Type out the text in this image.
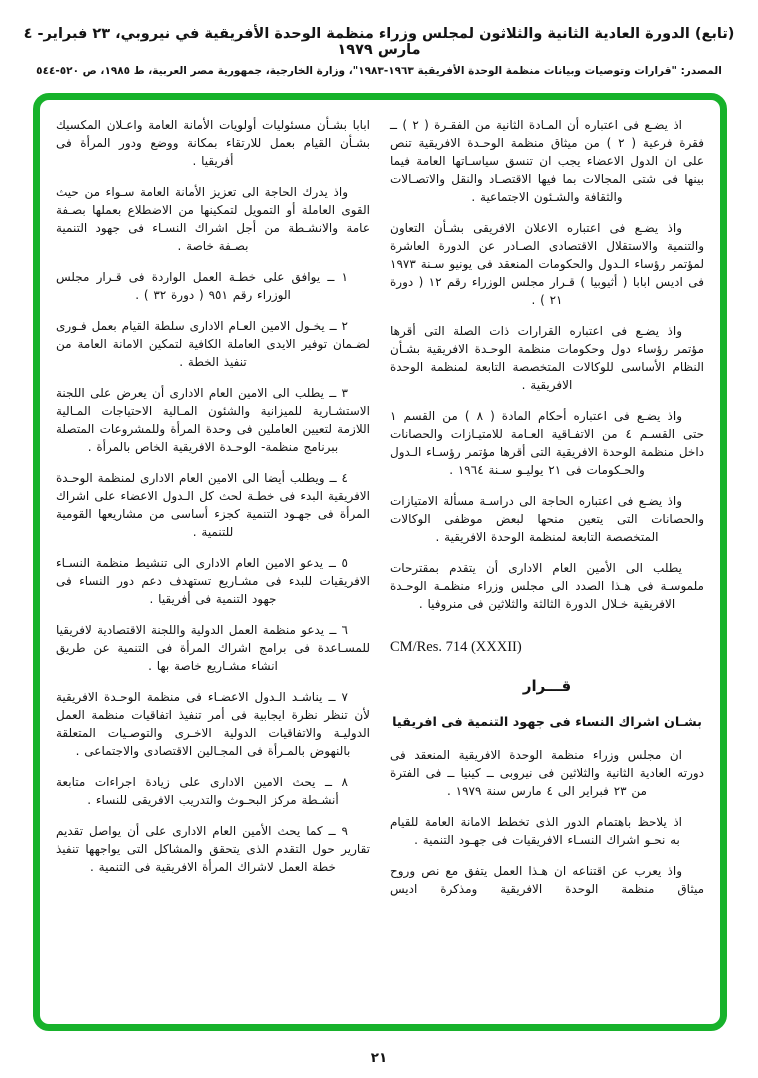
(تابع) الدورة العادية الثانية والثلاثون لمجلس وزراء منظمة الوحدة الأفريقية في نيروبي، ٢٣ فبراير- ٤ مارس ١٩٧٩
المصدر: "قرارات وتوصيات وبيانات منظمة الوحدة الأفريقية ١٩٦٣-١٩٨٣"، وزارة الخارجية، جمهورية مصر العربية، ط ١٩٨٥، ص ٥٢٠-٥٤٤

اذ يضـع فى اعتباره أن المـادة الثانية من الفقـرة ( ٢ ) ــ فقرة فرعية ( ٢ ) من ميثاق منظمة الوحـدة الافريقية تنص على ان الدول الاعضاء يجب ان تنسق سياسـاتها العامة فيما بينها فى شتى المجالات بما فيها الاقتصـاد والنقل والاتصـالات والثقافة والشـئون الاجتماعية .

واذ يضـع فى اعتباره الاعلان الافريقى بشـأن التعاون والتنمية والاستقلال الاقتصادى الصـادر عن الدورة العاشرة لمؤتمر رؤساء الـدول والحكومات المنعقد فى يونيو سـنة ١٩٧٣ فى اديس ابابا ( أثيوبيا ) قـرار مجلس الوزراء رقم ١٢ ( دورة ٢١ ) .

واذ يضـع فى اعتباره القرارات ذات الصلة التى أقرها مؤتمر رؤساء دول وحكومات منظمة الوحـدة الافريقية بشـأن النظام الأساسى للوكالات المتخصصة التابعة لمنظمة الوحدة الافريقية .

واذ يضـع فى اعتباره أحكام المادة ( ٨ ) من القسم ١ حتى القسـم ٤ من الاتفـاقية العـامة للامتيـازات والحصانات داخل منظمة الوحدة الافريقية التى أقرها مؤتمر رؤسـاء الـدول والحـكومات فى ٢١ يوليـو سـنة ١٩٦٤ .

واذ يضـع فى اعتباره الحاجة الى دراسـة مسألة الامتيازات والحصانات التى يتعين منحها لبعض موظفى الوكالات المتخصصة التابعة لمنظمة الوحدة الافريقية .

يطلب الى الأمين العام الادارى أن يتقدم بمقترحات ملموسـة فى هـذا الصدد الى مجلس وزراء منظمـة الوحـدة الافريقية خـلال الدورة الثالثة والثلاثين فى منروفيا .

CM/Res. 714 (XXXII)

قـــرار
بشـان اشراك النساء فى جهود التنمية فى افريقيا

ان مجلس وزراء منظمة الوحدة الافريقية المنعقد فى دورته العادية الثانية والثلاثين فى نيروبى ــ كينيا ــ فى الفترة من ٢٣ فبراير الى ٤ مارس سنة ١٩٧٩ .

اذ يلاحظ باهتمام الدور الذى تخطط الامانة العامة للقيام به نحـو اشراك النسـاء الافريقيات فى جهـود التنمية .

واذ يعرب عن اقتناعه ان هـذا العمل يتفق مع نص وروح ميثاق منظمة الوحدة الافريقية ومذكرة اديس

ابابا بشـأن مسئوليات أولويات الأمانة العامة واعـلان المكسيك بشـأن القيام بعمل للارتقاء بمكانة ووضع ودور المرأة فى أفريقيا .

واذ يدرك الحاجة الى تعزيز الأمانة العامة سـواء من حيث القوى العاملة أو التمويل لتمكينها من الاضطلاع بعملها بصـفة عامة والانشـطة من أجل اشراك النسـاء فى جهود التنمية بصـفة خاصة .

١ ــ يوافق على خطـة العمل الواردة فى قـرار مجلس الوزراء رقم ٩٥١ ( دورة ٣٢ ) .

٢ ــ يخـول الامين العـام الادارى سلطة القيام بعمل فـورى لضـمان توفير الايدى العاملة الكافية لتمكين الامانة العامة من تنفيذ الخطة .

٣ ــ يطلب الى الامين العام الادارى أن يعرض على اللجنة الاستشـارية للميزانية والشئون المـالية الاحتياجات المـالية اللازمة لتعيين العاملين فى وحدة المرأة وللمشروعات المتصلة ببرنامج منظمة- الوحـدة الافريقية الخاص بالمرأة .

٤ ــ ويطلب أيضا الى الامين العام الادارى لمنظمة الوحـدة الافريقية البدء فى خطـة لحث كل الـدول الاعضاء على اشراك المرأة فى جهـود التنمية كجزء أساسى من مشاريعها القومية للتنمية .

٥ ــ يدعو الامين العام الادارى الى تنشيط منظمة النسـاء الافريقيات للبدء فى مشـاريع تستهدف دعم دور النساء فى جهود التنمية فى أفريقيا .

٦ ــ يدعو منظمة العمل الدولية واللجنة الاقتصادية لافريقيا للمسـاعدة فى برامج اشراك المرأة فى التنمية عن طريق انشاء مشـاريع خاصة بها .

٧ ــ يناشـد الـدول الاعضـاء فى منظمة الوحـدة الافريقية لأن تنظر نظرة ايجابية فى أمر تنفيذ اتفاقيات منظمة العمل الدوليـة والاتفاقيات الدولية الاخـرى والتوصـيات المتعلقة بالنهوض بالمـرأة فى المجـالين الاقتصادى والاجتماعى .

٨ ــ يحث الامين الادارى على زيادة اجراءات متابعة أنشـطة مركز البحـوث والتدريب الافريقى للنساء .

٩ ــ كما يحث الأمين العام الادارى على أن يواصل تقديم تقارير حول التقدم الذى يتحقق والمشاكل التى يواجهها تنفيذ خطة العمل لاشراك المرأة الافريقية فى التنمية .

٢١
